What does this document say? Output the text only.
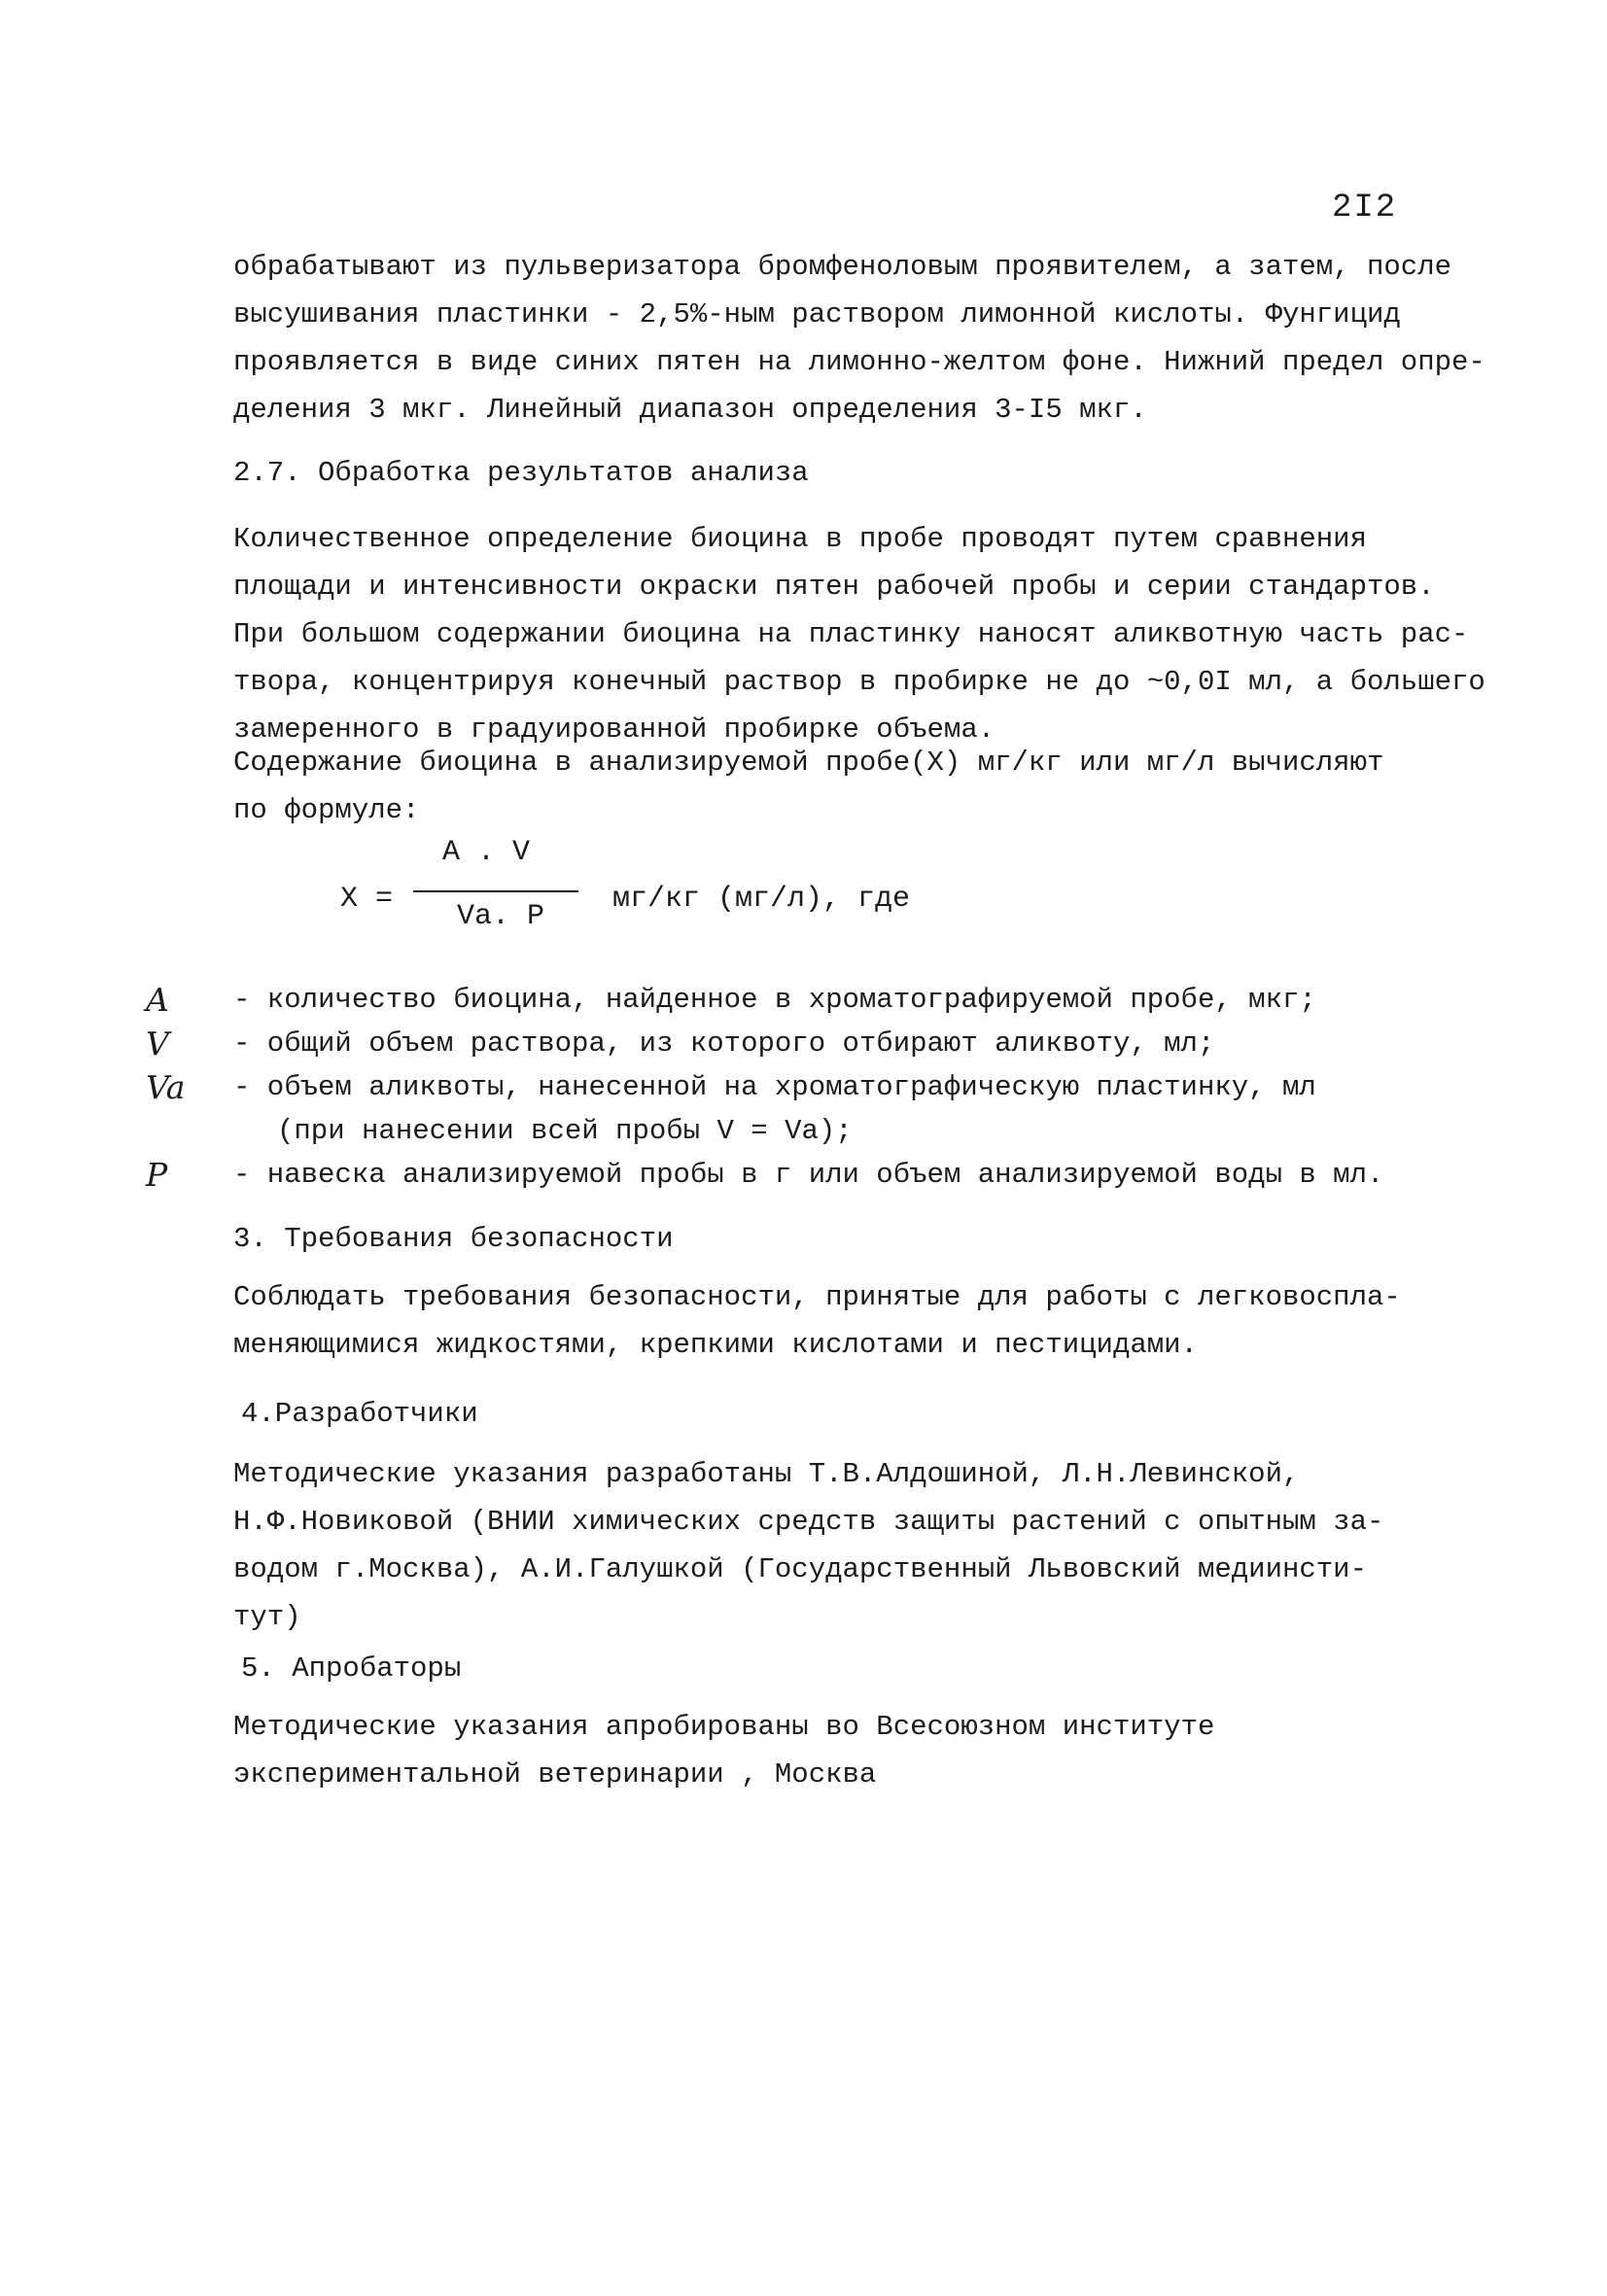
2I2
обрабатывают из пульверизатора бромфеноловым проявителем, а затем, после
высушивания пластинки - 2,5%-ным раствором лимонной кислоты. Фунгицид
проявляется в виде синих пятен на лимонно-желтом фоне. Нижний предел опре-
деления 3 мкг. Линейный диапазон определения 3-I5 мкг.
2.7. Обработка результатов анализа
Количественное определение биоцина в пробе проводят путем сравнения
площади и интенсивности окраски пятен рабочей пробы и серии стандартов.
При большом содержании биоцина на пластинку наносят аликвотную часть рас-
твора, концентрируя конечный раствор в пробирке не до ~0,0I мл, а большего
замеренного в градуированной пробирке объема.
Содержание биоцина в анализируемой пробе(X) мг/кг или мг/л вычисляют
по формуле:
X =
A . V
Va. P
мг/кг (мг/л), где
A	- количество биоцина, найденное в хроматографируемой пробе, мкг;
V	- общий объем раствора, из которого отбирают аликвоту, мл;
Va	- объем аликвоты, нанесенной на хроматографическую пластинку, мл
(при нанесении всей пробы V = Va);
P	- навеска анализируемой пробы в г или объем анализируемой воды в мл.
3. Требования безопасности
Соблюдать требования безопасности, принятые для работы с легковоспла-
меняющимися жидкостями, крепкими кислотами и пестицидами.
4.Разработчики
Методические указания разработаны Т.В.Алдошиной, Л.Н.Левинской,
Н.Ф.Новиковой (ВНИИ химических средств защиты растений с опытным за-
водом г.Москва), А.И.Галушкой (Государственный Львовский медиинсти-
тут)
5. Апробаторы
Методические указания апробированы во Всесоюзном институте
экспериментальной ветеринарии , Москва
